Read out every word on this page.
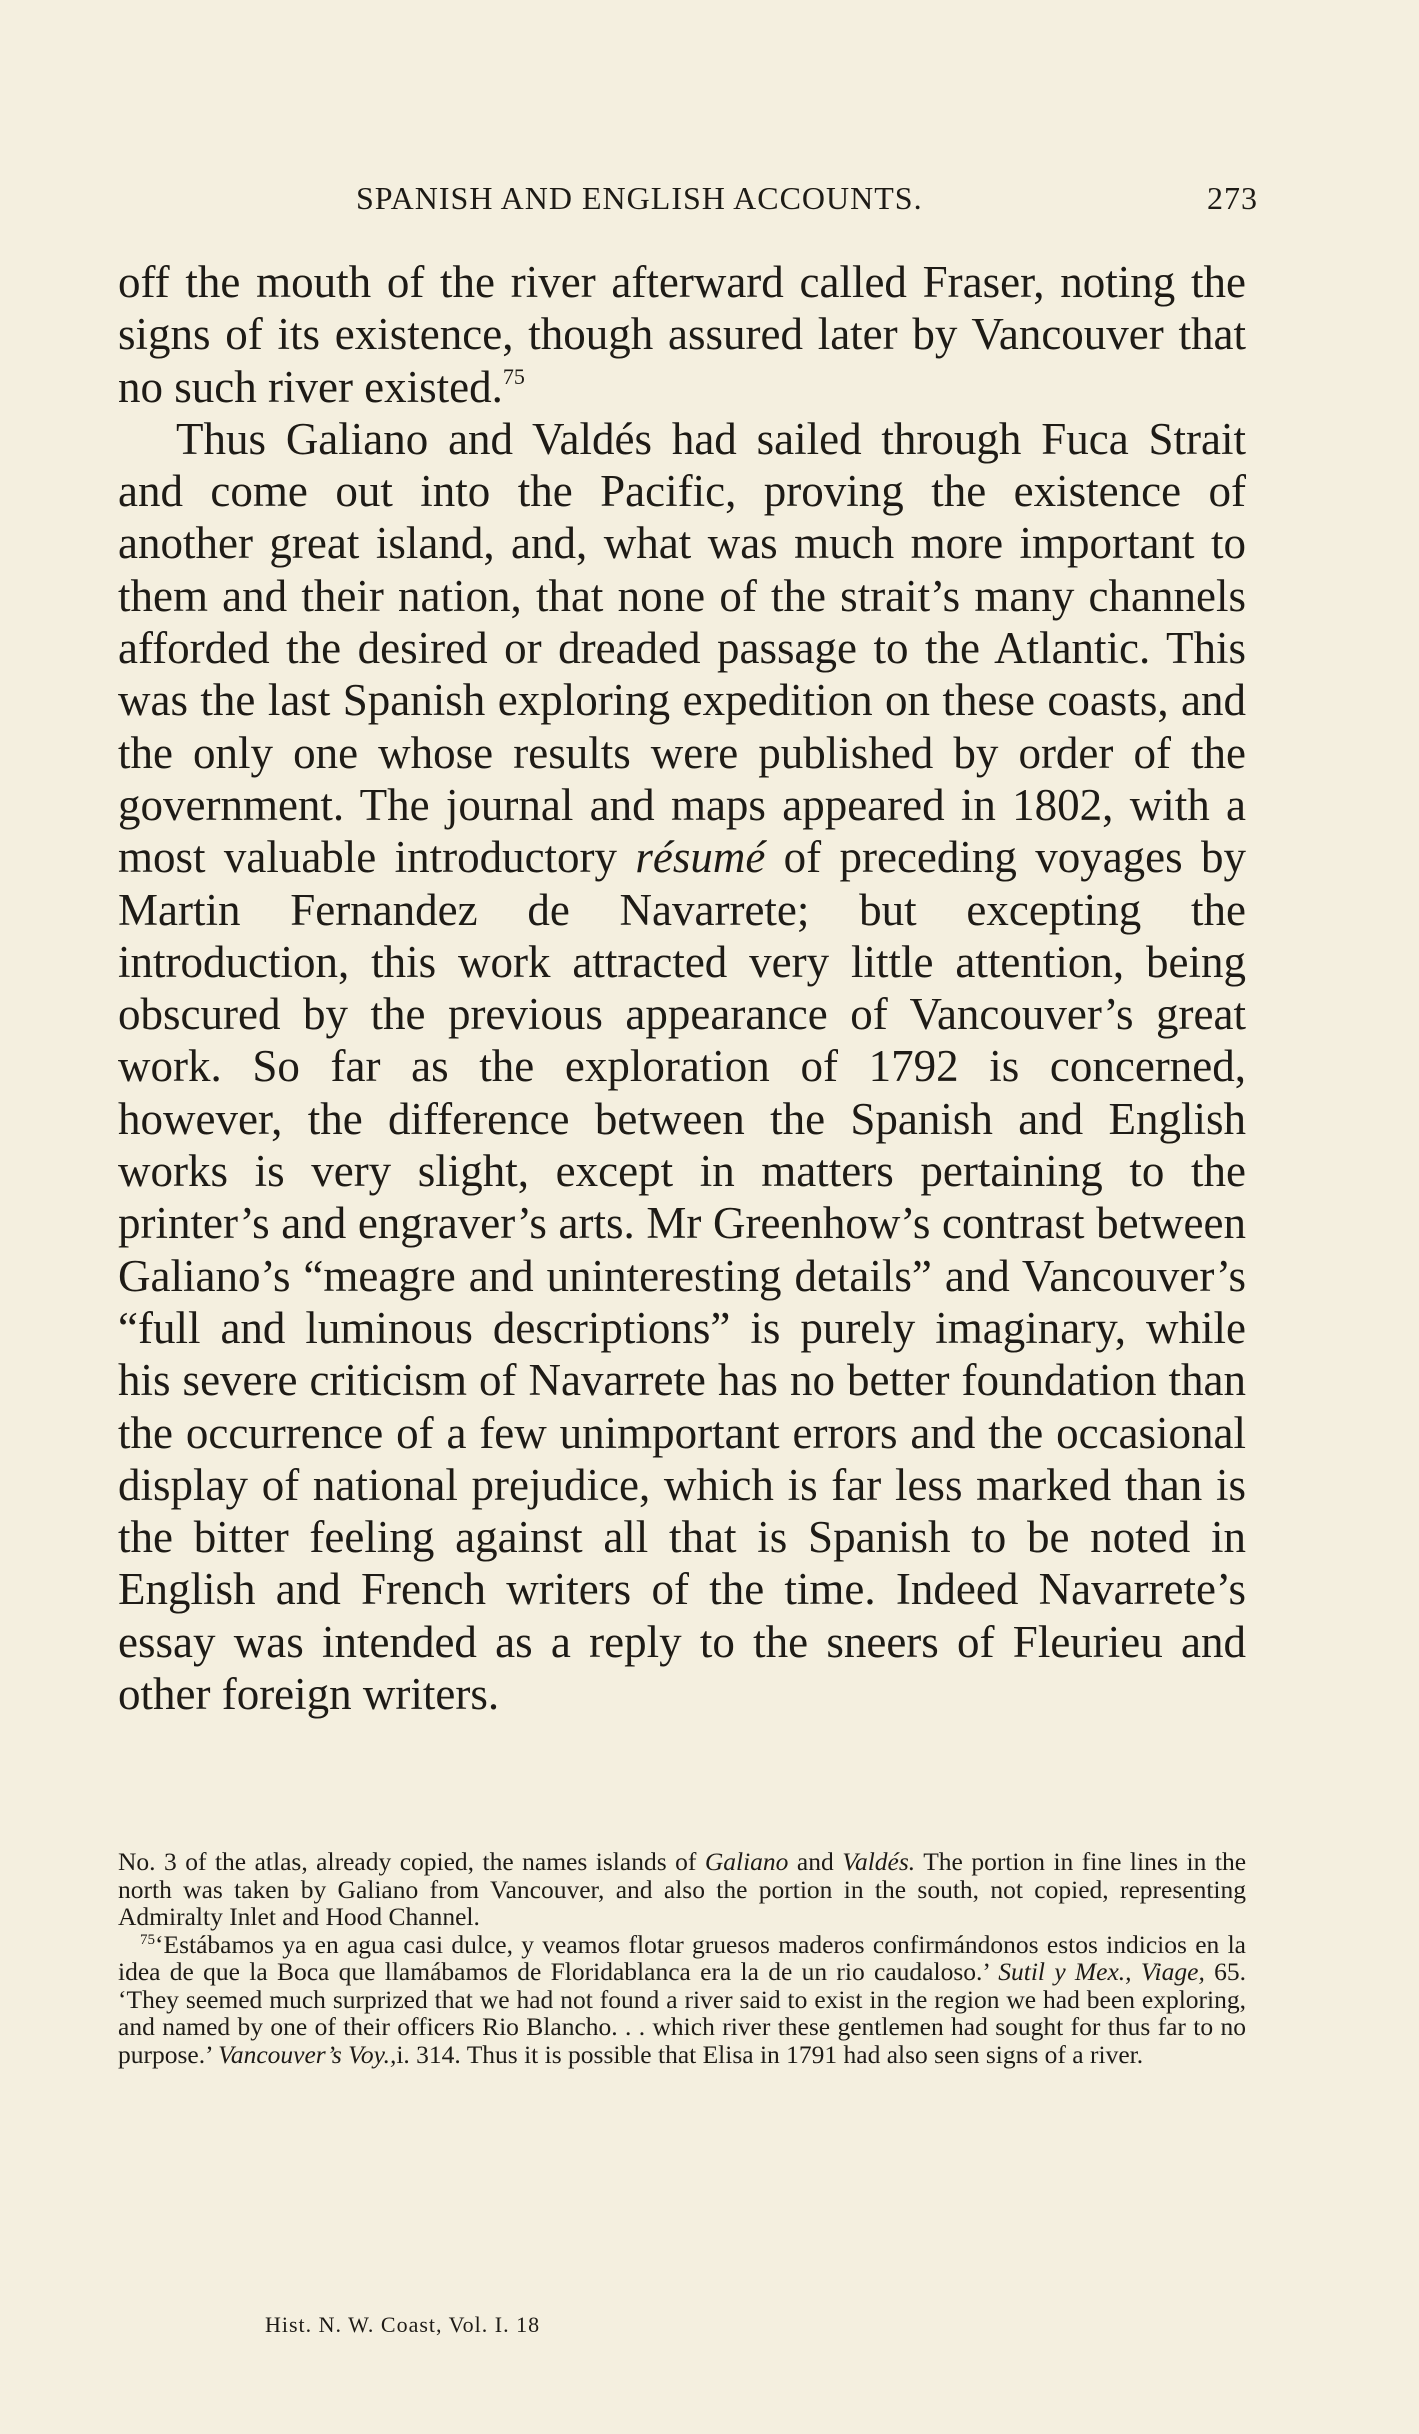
SPANISH AND ENGLISH ACCOUNTS.	273

off the mouth of the river afterward called Fraser, noting the signs of its existence, though assured later by Vancouver that no such river existed.$^{75}$

Thus Galiano and Valdés had sailed through Fuca Strait and come out into the Pacific, proving the existence of another great island, and, what was much more important to them and their nation, that none of the strait’s many channels afforded the desired or dreaded passage to the Atlantic. This was the last Spanish exploring expedition on these coasts, and the only one whose results were published by order of the government. The journal and maps appeared in 1802, with a most valuable introductory résumé of preceding voyages by Martin Fernandez de Navarrete; but excepting the introduction, this work attracted very little attention, being obscured by the previous appearance of Vancouver’s great work. So far as the exploration of 1792 is concerned, however, the difference between the Spanish and English works is very slight, except in matters pertaining to the printer’s and engraver’s arts. Mr Greenhow’s contrast between Galiano’s “meagre and uninteresting details” and Vancouver’s “full and luminous descriptions” is purely imaginary, while his severe criticism of Navarrete has no better foundation than the occurrence of a few unimportant errors and the occasional display of national prejudice, which is far less marked than is the bitter feeling against all that is Spanish to be noted in English and French writers of the time. Indeed Navarrete’s essay was intended as a reply to the sneers of Fleurieu and other foreign writers.

No. 3 of the atlas, already copied, the names islands of Galiano and Valdés. The portion in fine lines in the north was taken by Galiano from Vancouver, and also the portion in the south, not copied, representing Admiralty Inlet and Hood Channel.

$^{75}$‘Estábamos ya en agua casi dulce, y veamos flotar gruesos maderos confirmándonos estos indicios en la idea de que la Boca que llamábamos de Floridablanca era la de un rio caudaloso.’ Sutil y Mex., Viage, 65. ‘They seemed much surprized that we had not found a river said to exist in the region we had been exploring, and named by one of their officers Rio Blancho. . . which river these gentlemen had sought for thus far to no purpose.’ Vancouver’s Voy.,i. 314. Thus it is possible that Elisa in 1791 had also seen signs of a river.

Hist. N. W. Coast, Vol. I. 18
